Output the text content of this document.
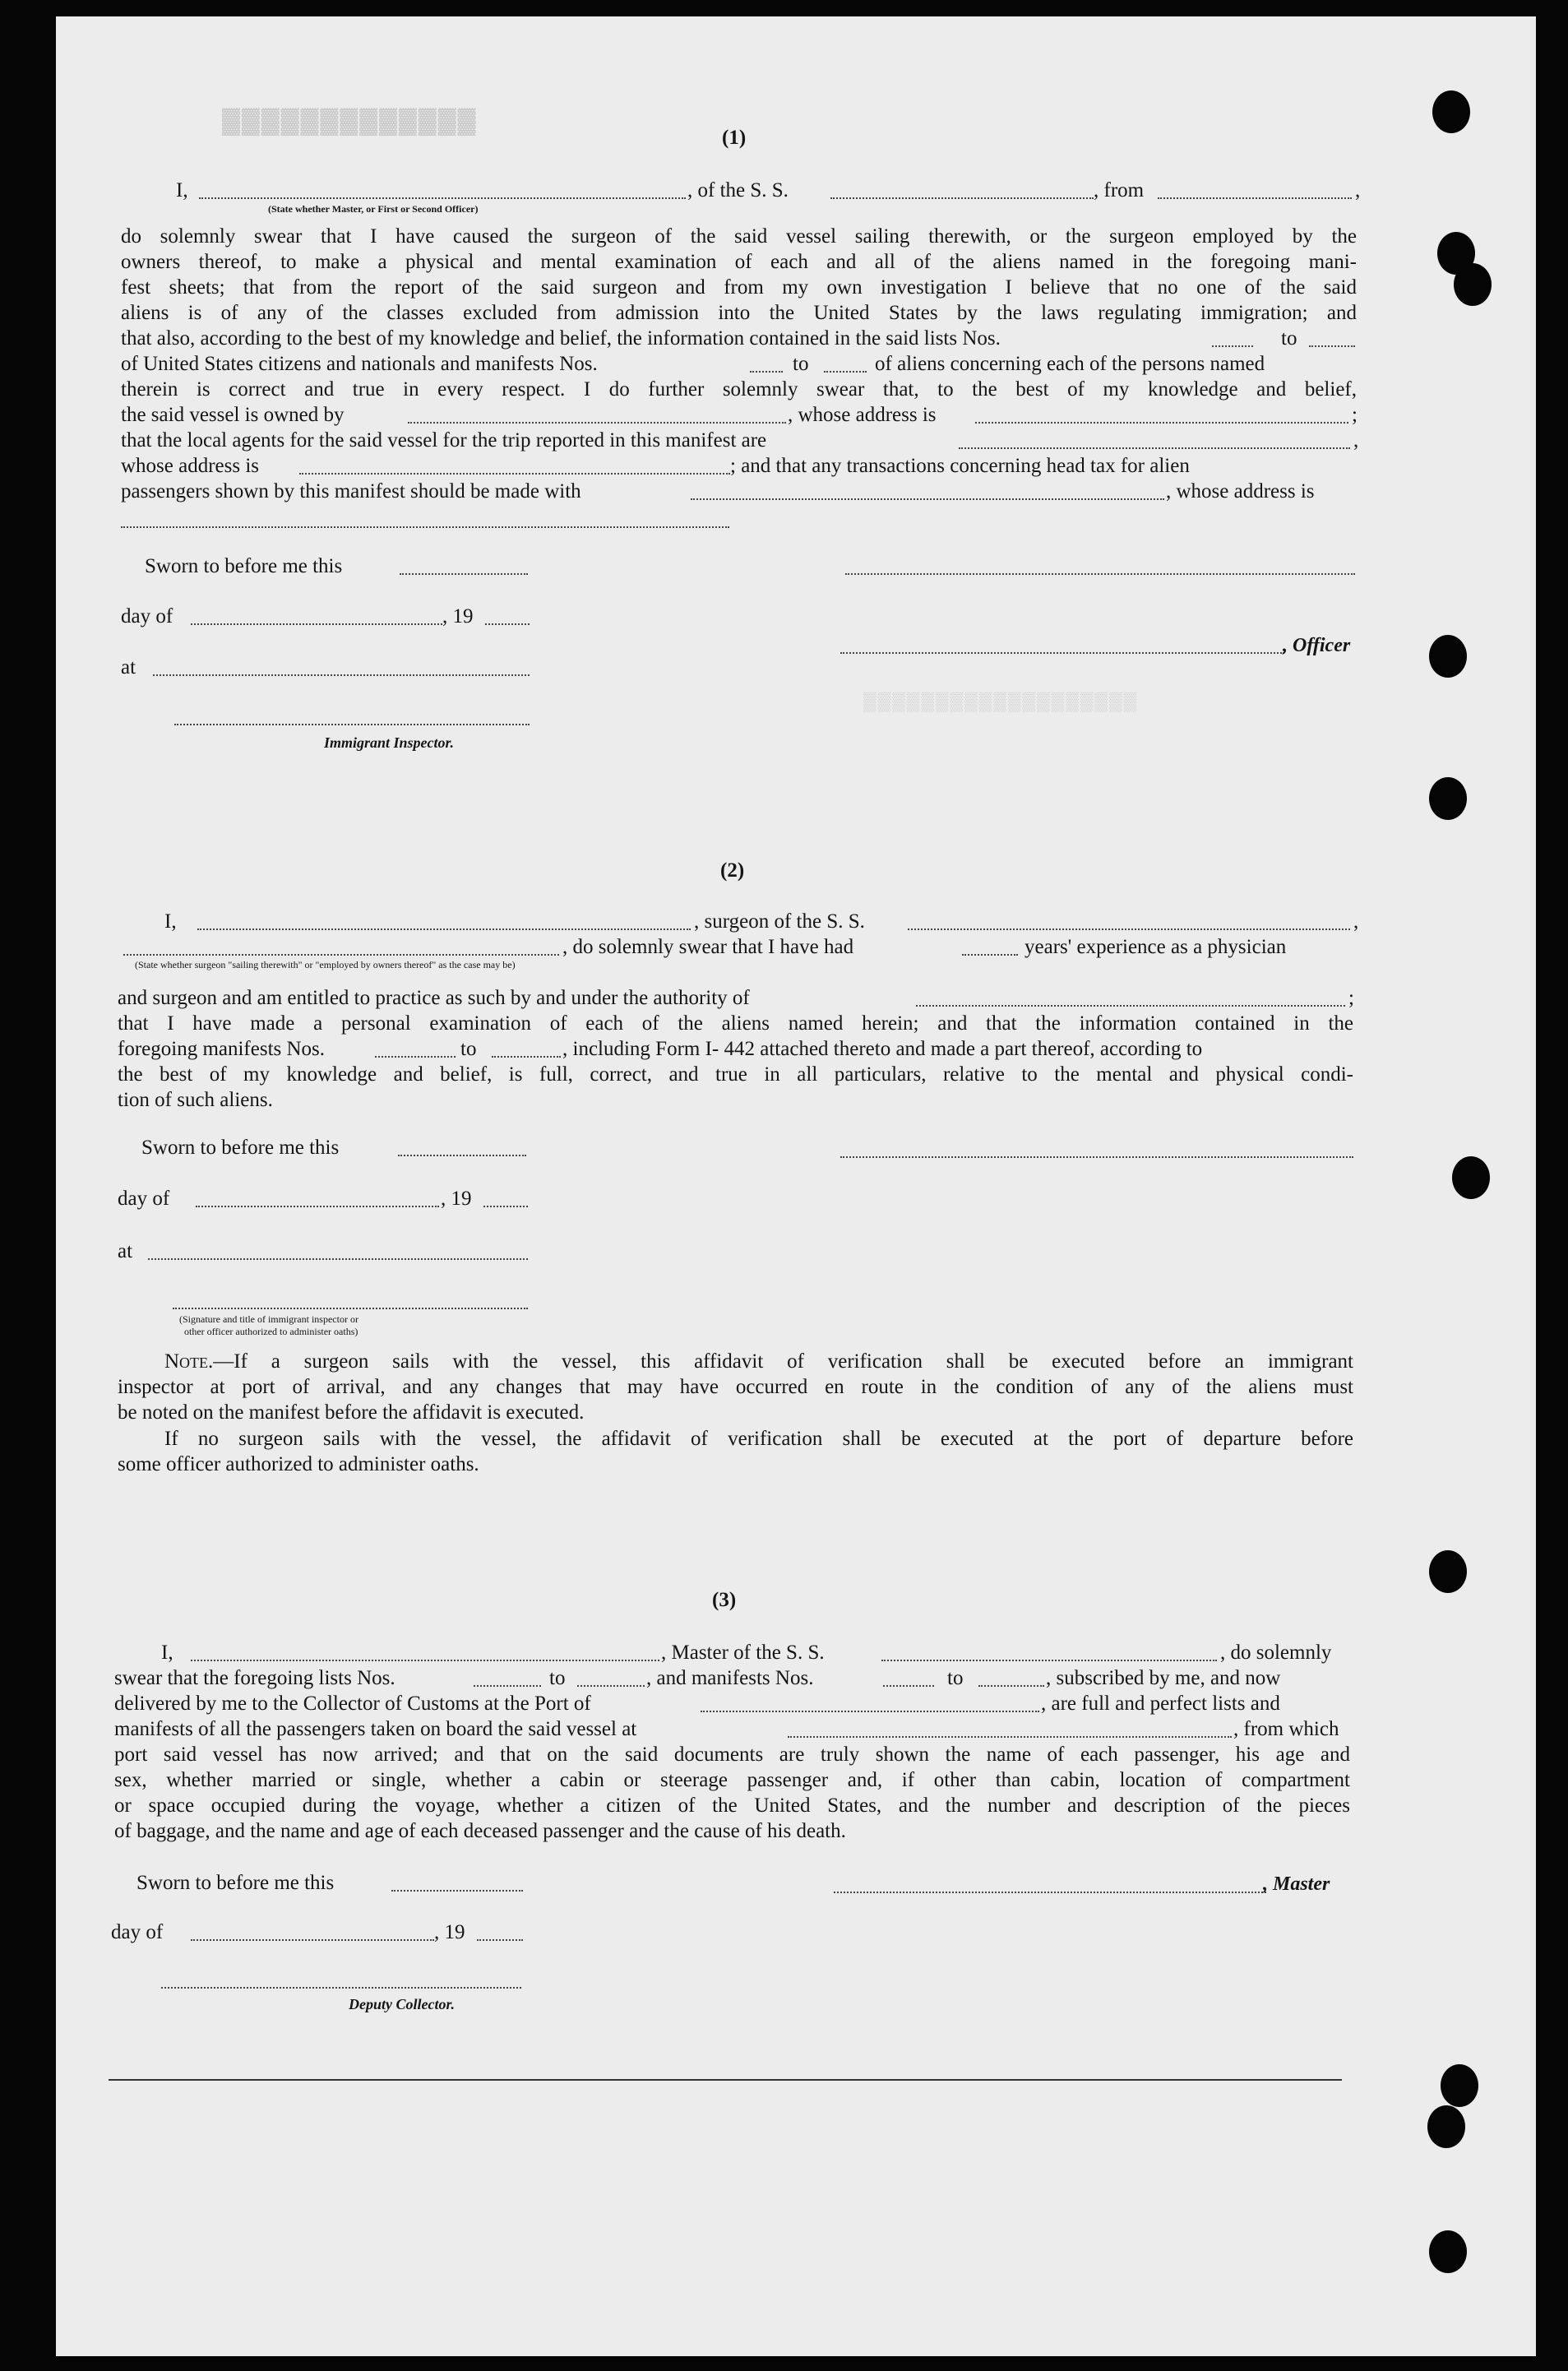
▓▓▓▓▓▓▓▓▓▓▓▓▓
▒▒▒▒▒▒▒▒▒▒▒▒▒▒▒▒▒▒▒
(1)
I,	, of the S. S.	, from	,
(State whether Master, or First or Second Officer)
do solemnly swear that I have caused the surgeon of the said vessel sailing therewith, or the surgeon employed by the
owners thereof, to make a physical and mental examination of each and all of the aliens named in the foregoing mani-
fest sheets; that from the report of the said surgeon and from my own investigation I believe that no one of the said
aliens is of any of the classes excluded from admission into the United States by the laws regulating immigration; and
that also, according to the best of my knowledge and belief, the information contained in the said lists Nos.	to
of United States citizens and nationals and manifests Nos.	to	of aliens concerning each of the persons named
therein is correct and true in every respect. I do further solemnly swear that, to the best of my knowledge and belief,
the said vessel is owned by	, whose address is	;
that the local agents for the said vessel for the trip reported in this manifest are	,
whose address is	; and that any transactions concerning head tax for alien
passengers shown by this manifest should be made with	, whose address is
Sworn to before me this
day of	, 19
, Officer
at
Immigrant Inspector.
(2)
I,	, surgeon of the S. S.	,
, do solemnly swear that I have had	years' experience as a physician
(State whether surgeon "sailing therewith" or "employed by owners thereof" as the case may be)
and surgeon and am entitled to practice as such by and under the authority of	;
that I have made a personal examination of each of the aliens named herein; and that the information contained in the
foregoing manifests Nos.	to	, including Form I- 442 attached thereto and made a part thereof, according to
the best of my knowledge and belief, is full, correct, and true in all particulars, relative to the mental and physical condi-
tion of such aliens.
Sworn to before me this
day of	, 19
at
(Signature and title of immigrant inspector or
other officer authorized to administer oaths)
Note.—If a surgeon sails with the vessel, this affidavit of verification shall be executed before an immigrant
inspector at port of arrival, and any changes that may have occurred en route in the condition of any of the aliens must
be noted on the manifest before the affidavit is executed.
If no surgeon sails with the vessel, the affidavit of verification shall be executed at the port of departure before
some officer authorized to administer oaths.
(3)
I,	, Master of the S. S.	, do solemnly
swear that the foregoing lists Nos.	to	, and manifests Nos.	to	, subscribed by me, and now
delivered by me to the Collector of Customs at the Port of	, are full and perfect lists and
manifests of all the passengers taken on board the said vessel at	, from which
port said vessel has now arrived; and that on the said documents are truly shown the name of each passenger, his age and
sex, whether married or single, whether a cabin or steerage passenger and, if other than cabin, location of compartment
or space occupied during the voyage, whether a citizen of the United States, and the number and description of the pieces
of baggage, and the name and age of each deceased passenger and the cause of his death.
Sworn to before me this	, Master
day of	, 19
Deputy Collector.
